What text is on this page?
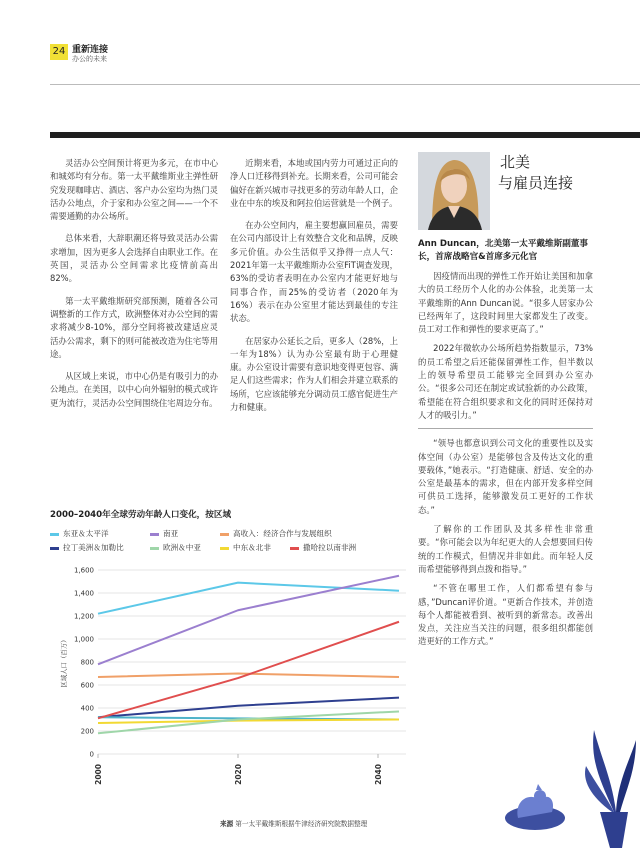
24 重新连接
办公的未来

灵活办公空间预计将更为多元，在市中心和城郊均有分布。第一太平戴维斯业主弹性研究发现咖啡店、酒店、客户办公室均为热门灵活办公地点，介于家和办公室之间——一个不需要通勤的办公场所。

总体来看，大辞职潮还将导致灵活办公需求增加，因为更多人会选择自由职业工作。在英国，灵活办公空间需求比疫情前高出82%。

第一太平戴维斯研究部预测，随着各公司调整新的工作方式，欧洲整体对办公空间的需求将减少8-10%，部分空间将被改建适应灵活办公需求，剩下的则可能被改造为住宅等用途。

从区域上来说，市中心仍是有吸引力的办公地点。在美国，以中心向外辐射的模式或许更为流行，灵活办公空间围绕住宅周边分布。

近期来看，本地或国内劳力可通过正向的净人口迁移得到补充。长期来看，公司可能会偏好在新兴城市寻找更多的劳动年龄人口，企业在中东的埃及和阿拉伯运营就是一个例子。

在办公空间内，雇主要想赢回雇员，需要在公司内部设计上有效整合文化和品牌，反映多元价值。办公生活似乎又挣得一点人气：2021年第一太平戴维斯办公室FiT调查发现，63%的受访者表明在办公室内才能更好地与同事合作，而25%的受访者（2020年为16%）表示在办公室里才能达到最佳的专注状态。

在居家办公延长之后，更多人（28%，上一年为18%）认为办公室最有助于心理健康。办公室设计需要有意识地变得更包容、满足人们这些需求；作为人们相会并建立联系的场所，它应该能够充分调动员工感官促进生产力和健康。

北美
与雇员连接
Ann Duncan，北美第一太平戴维斯副董事长，首席战略官&首席多元化官

因疫情而出现的弹性工作开始让美国和加拿大的员工经历个人化的办公体验，北美第一太平戴维斯的Ann Duncan说。“很多人居家办公已经两年了，这段时间里大家都发生了改变。员工对工作和弹性的要求更高了。”

2022年微软办公场所趋势指数显示，73%的员工希望之后还能保留弹性工作，但半数以上的领导希望员工能够完全回到办公室办公。“很多公司还在制定或试验新的办公政策，希望能在符合组织要求和文化的同时还保持对人才的吸引力。”

“领导也都意识到公司文化的重要性以及实体空间（办公室）是能够包含及传达文化的重要载体，”她表示。“打造健康、舒适、安全的办公室是最基本的需求，但在内部开发多样空间可供员工选择，能够激发员工更好的工作状态。”

了解你的工作团队及其多样性非常重要。“你可能会以为年纪更大的人会想要回归传统的工作模式，但情况并非如此。而年轻人反而希望能够得到点拨和指导。”

“不管在哪里工作，人们都希望有参与感，”Duncan评价道。“更新合作技术，并创造每个人都能被看到、被听到的新常态。改善出发点，关注应当关注的问题，很多组织都能创造更好的工作方式。”

2000–2040年全球劳动年龄人口变化，按区域
东亚＆太平洋	南亚	高收入：经济合作与发展组织
拉丁美洲＆加勒比	欧洲＆中亚	中东＆北非	撒哈拉以南非洲
0
200
400
600
800
1,000
1,200
1,400
1,600
区域人口（百万）
2000	2020	2040
来源 第一太平戴维斯根据牛津经济研究院数据整理
